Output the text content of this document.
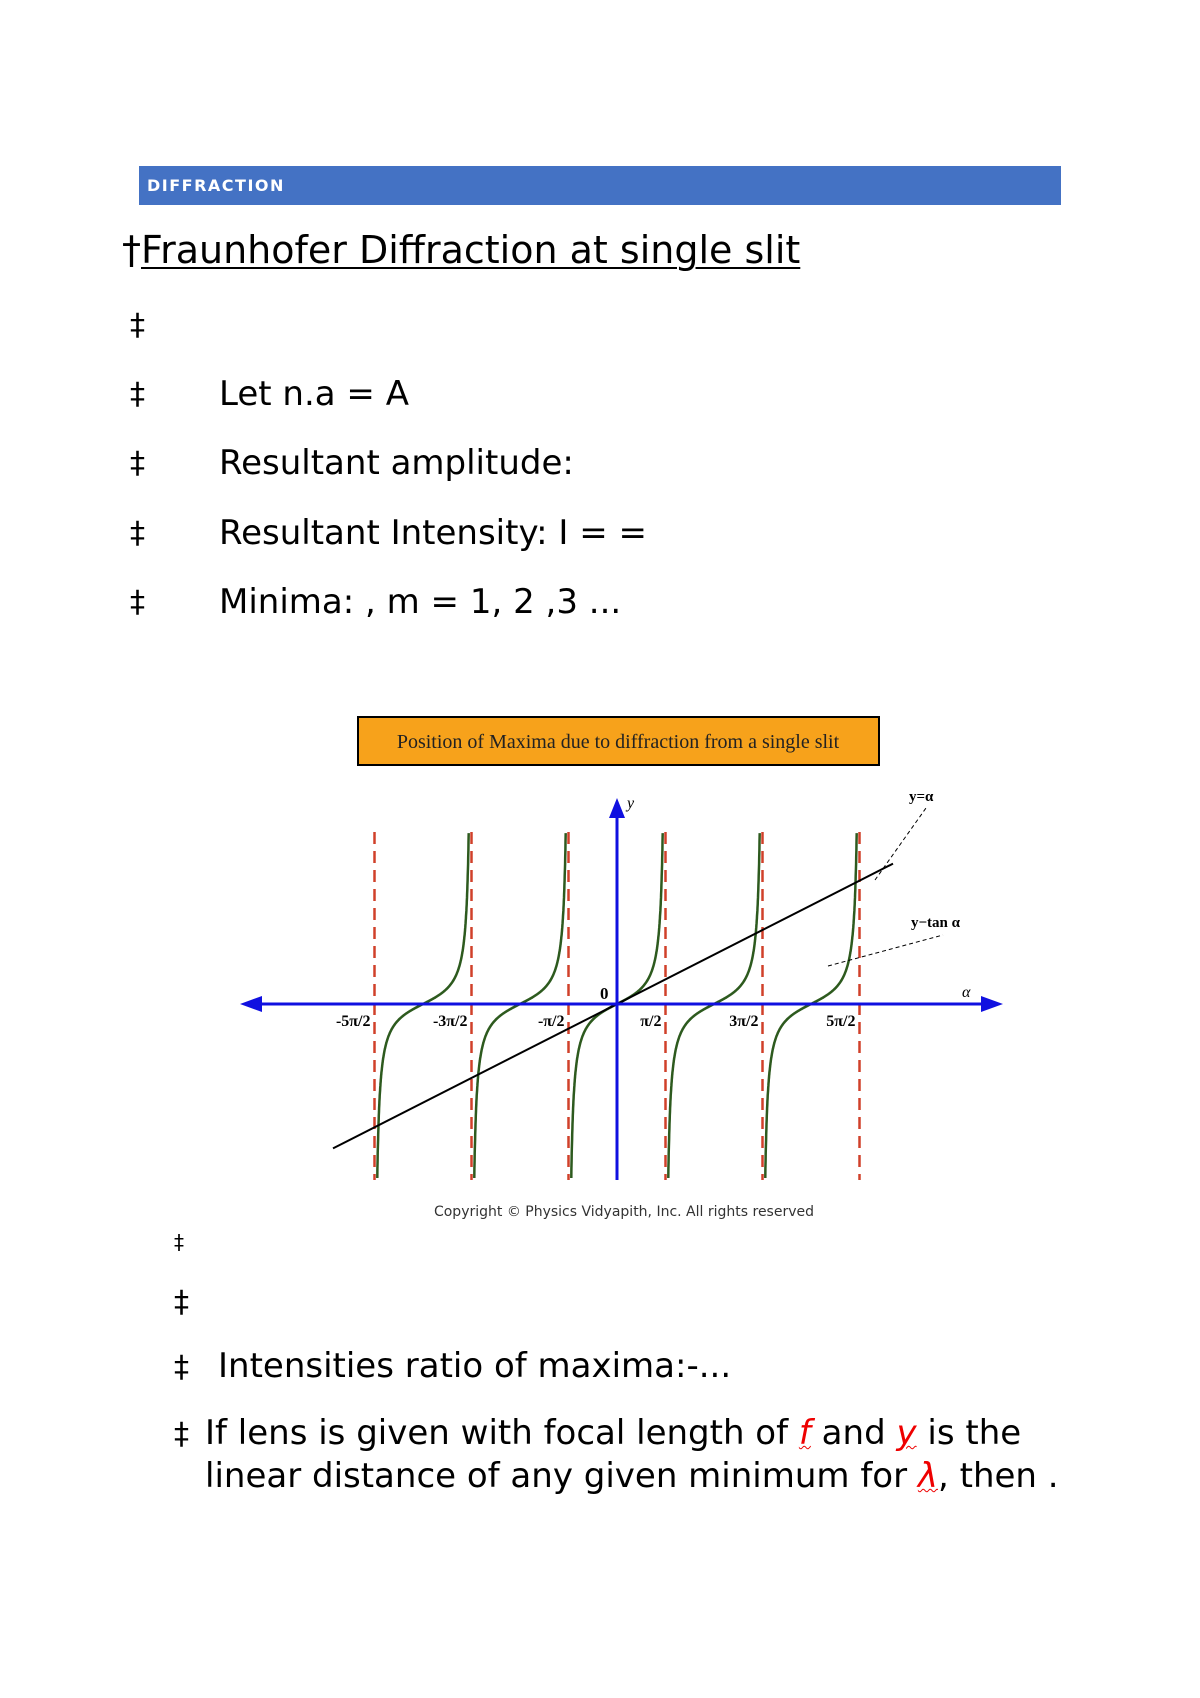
DIFFRACTION
†Fraunhofer Diffraction at single slit
‡
‡ Let n.a = A
‡ Resultant amplitude:
‡ Resultant Intensity: I = =
‡ Minima: , m = 1, 2 ,3 ...
Position of Maxima due to diffraction from a single slit
y
α
0
-5π/2	-3π/2	-π/2	π/2	3π/2	5π/2
y=α
y−tan α
Copyright © Physics Vidyapith, Inc. All rights reserved
‡
‡
‡ Intensities ratio of maxima:-...
‡ If lens is given with focal length of f and y is the
linear distance of any given minimum for λ, then .
